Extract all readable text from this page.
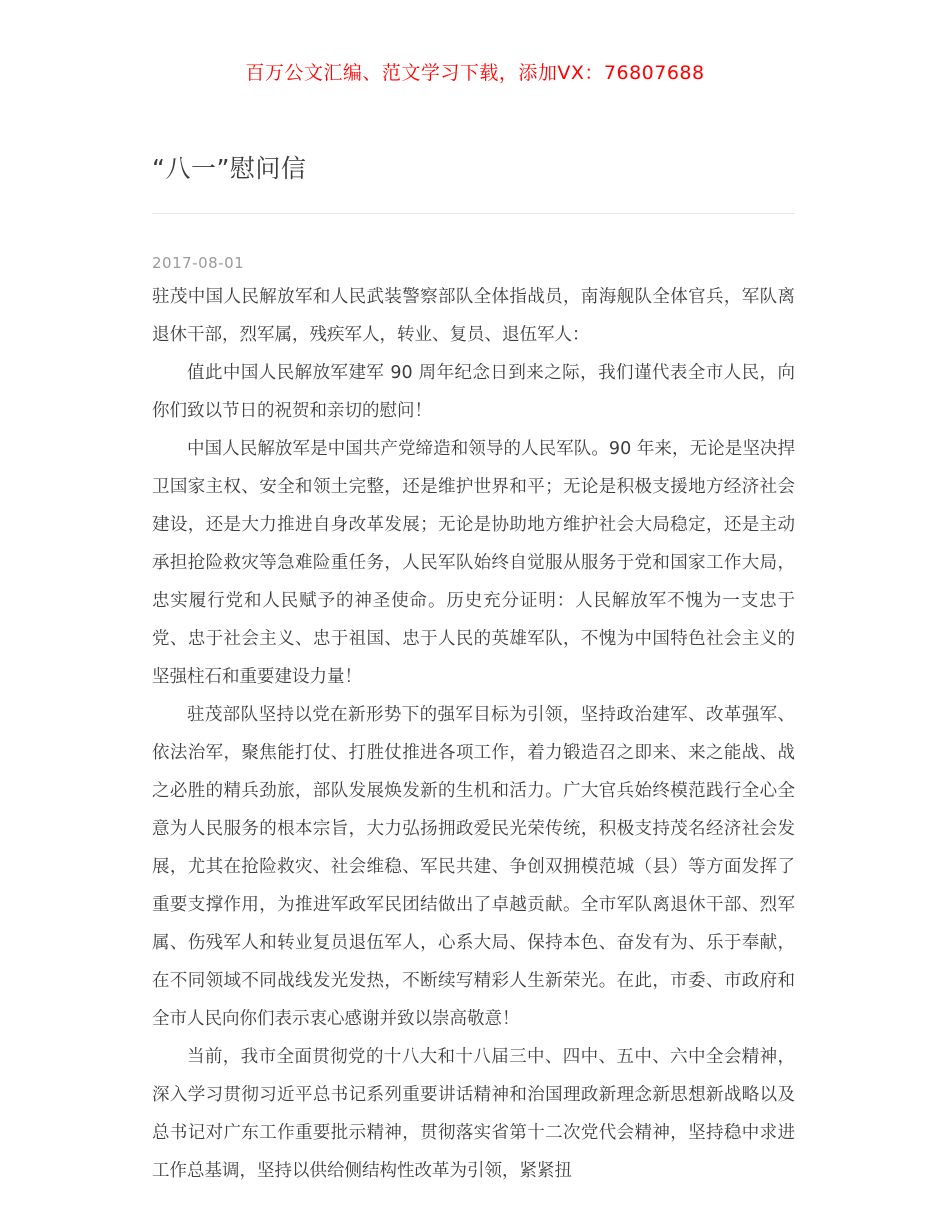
百万公文汇编、范文学习下载，添加VX：76807688
“八一”慰问信
2017-08-01

驻茂中国人民解放军和人民武装警察部队全体指战员，南海舰队全体官兵，军队离退休干部，烈军属，残疾军人，转业、复员、退伍军人：

值此中国人民解放军建军 90 周年纪念日到来之际，我们谨代表全市人民，向你们致以节日的祝贺和亲切的慰问！

中国人民解放军是中国共产党缔造和领导的人民军队。90 年来，无论是坚决捍卫国家主权、安全和领土完整，还是维护世界和平；无论是积极支援地方经济社会建设，还是大力推进自身改革发展；无论是协助地方维护社会大局稳定，还是主动承担抢险救灾等急难险重任务，人民军队始终自觉服从服务于党和国家工作大局，忠实履行党和人民赋予的神圣使命。历史充分证明：人民解放军不愧为一支忠于党、忠于社会主义、忠于祖国、忠于人民的英雄军队，不愧为中国特色社会主义的坚强柱石和重要建设力量！

驻茂部队坚持以党在新形势下的强军目标为引领，坚持政治建军、改革强军、依法治军，聚焦能打仗、打胜仗推进各项工作，着力锻造召之即来、来之能战、战之必胜的精兵劲旅，部队发展焕发新的生机和活力。广大官兵始终模范践行全心全意为人民服务的根本宗旨，大力弘扬拥政爱民光荣传统，积极支持茂名经济社会发展，尤其在抢险救灾、社会维稳、军民共建、争创双拥模范城（县）等方面发挥了重要支撑作用，为推进军政军民团结做出了卓越贡献。全市军队离退休干部、烈军属、伤残军人和转业复员退伍军人，心系大局、保持本色、奋发有为、乐于奉献，在不同领域不同战线发光发热，不断续写精彩人生新荣光。在此，市委、市政府和全市人民向你们表示衷心感谢并致以崇高敬意！

当前，我市全面贯彻党的十八大和十八届三中、四中、五中、六中全会精神，深入学习贯彻习近平总书记系列重要讲话精神和治国理政新理念新思想新战略以及总书记对广东工作重要批示精神，贯彻落实省第十二次党代会精神，坚持稳中求进工作总基调，坚持以供给侧结构性改革为引领，紧紧扭
